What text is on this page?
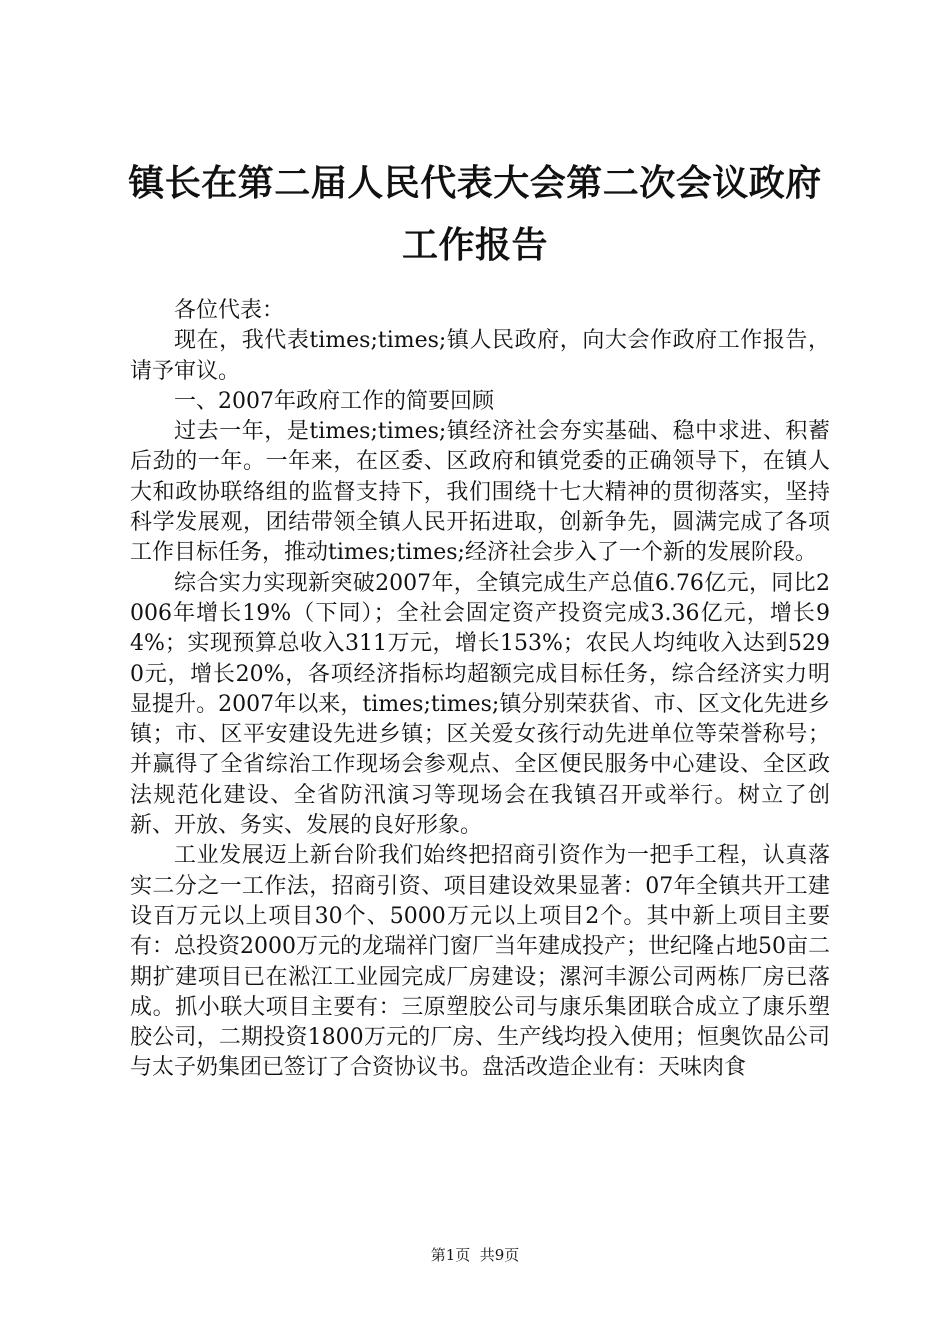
镇长在第二届人民代表大会第二次会议政府工作报告

各位代表：

现在，我代表times;times;镇人民政府，向大会作政府工作报告，请予审议。

一、2007年政府工作的简要回顾

过去一年，是times;times;镇经济社会夯实基础、稳中求进、积蓄后劲的一年。一年来，在区委、区政府和镇党委的正确领导下，在镇人大和政协联络组的监督支持下，我们围绕十七大精神的贯彻落实，坚持科学发展观，团结带领全镇人民开拓进取，创新争先，圆满完成了各项工作目标任务，推动times;times;经济社会步入了一个新的发展阶段。

综合实力实现新突破2007年，全镇完成生产总值6.76亿元，同比2006年增长19%（下同）；全社会固定资产投资完成3.36亿元，增长94%；实现预算总收入311万元，增长153%；农民人均纯收入达到5290元，增长20%，各项经济指标均超额完成目标任务，综合经济实力明显提升。2007年以来，times;times;镇分别荣获省、市、区文化先进乡镇；市、区平安建设先进乡镇；区关爱女孩行动先进单位等荣誉称号；并赢得了全省综治工作现场会参观点、全区便民服务中心建设、全区政法规范化建设、全省防汛演习等现场会在我镇召开或举行。树立了创新、开放、务实、发展的良好形象。

工业发展迈上新台阶我们始终把招商引资作为一把手工程，认真落实二分之一工作法，招商引资、项目建设效果显著：07年全镇共开工建设百万元以上项目30个、5000万元以上项目2个。其中新上项目主要有：总投资2000万元的龙瑞祥门窗厂当年建成投产；世纪隆占地50亩二期扩建项目已在淞江工业园完成厂房建设；漯河丰源公司两栋厂房已落成。抓小联大项目主要有：三原塑胶公司与康乐集团联合成立了康乐塑胶公司，二期投资1800万元的厂房、生产线均投入使用；恒奥饮品公司与太子奶集团已签订了合资协议书。盘活改造企业有：天味肉食

第1页  共9页
